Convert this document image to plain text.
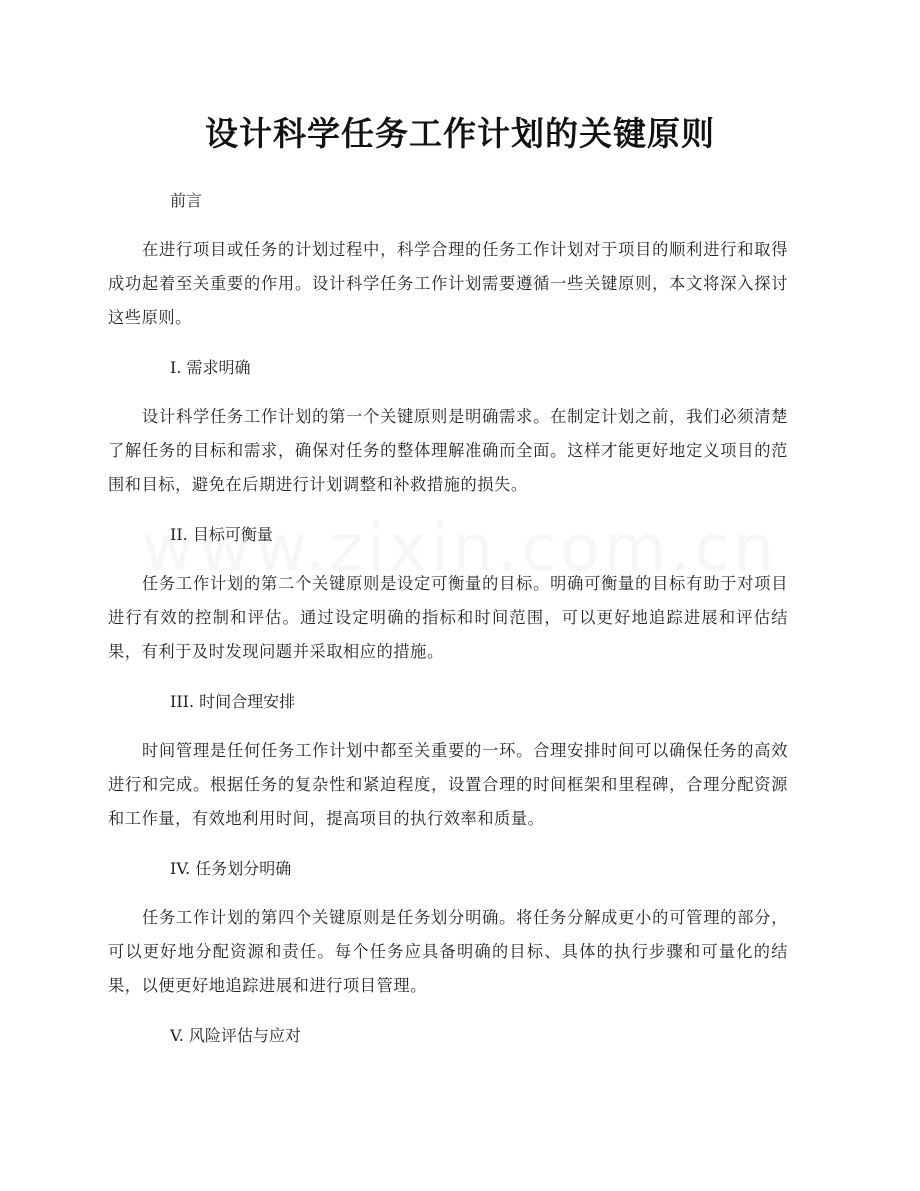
设计科学任务工作计划的关键原则

前言

在进行项目或任务的计划过程中，科学合理的任务工作计划对于项目的顺利进行和取得成功起着至关重要的作用。设计科学任务工作计划需要遵循一些关键原则，本文将深入探讨这些原则。

I. 需求明确

设计科学任务工作计划的第一个关键原则是明确需求。在制定计划之前，我们必须清楚了解任务的目标和需求，确保对任务的整体理解准确而全面。这样才能更好地定义项目的范围和目标，避免在后期进行计划调整和补救措施的损失。

II. 目标可衡量

任务工作计划的第二个关键原则是设定可衡量的目标。明确可衡量的目标有助于对项目进行有效的控制和评估。通过设定明确的指标和时间范围，可以更好地追踪进展和评估结果，有利于及时发现问题并采取相应的措施。

III. 时间合理安排

时间管理是任何任务工作计划中都至关重要的一环。合理安排时间可以确保任务的高效进行和完成。根据任务的复杂性和紧迫程度，设置合理的时间框架和里程碑，合理分配资源和工作量，有效地利用时间，提高项目的执行效率和质量。

IV. 任务划分明确

任务工作计划的第四个关键原则是任务划分明确。将任务分解成更小的可管理的部分，可以更好地分配资源和责任。每个任务应具备明确的目标、具体的执行步骤和可量化的结果，以便更好地追踪进展和进行项目管理。

V. 风险评估与应对
